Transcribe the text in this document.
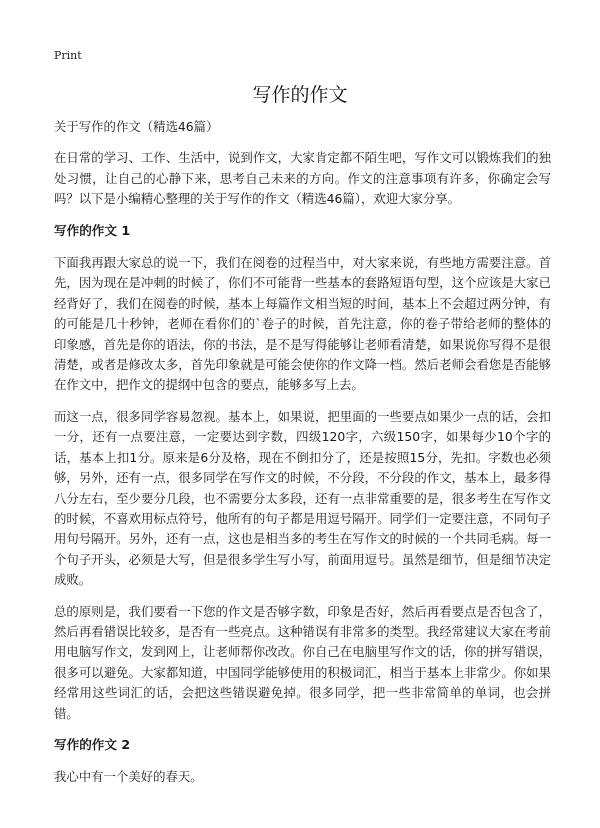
Print
写作的作文

关于写作的作文（精选46篇）

在日常的学习、工作、生活中，说到作文，大家肯定都不陌生吧，写作文可以锻炼我们的独处习惯，让自己的心静下来，思考自己未来的方向。作文的注意事项有许多，你确定会写吗？以下是小编精心整理的关于写作的作文（精选46篇），欢迎大家分享。

写作的作文 1

下面我再跟大家总的说一下，我们在阅卷的过程当中，对大家来说，有些地方需要注意。首先，因为现在是冲刺的时候了，你们不可能背一些基本的套路短语句型，这个应该是大家已经背好了，我们在阅卷的时候，基本上每篇作文相当短的时间，基本上不会超过两分钟，有的可能是几十秒钟，老师在看你们的`卷子的时候，首先注意，你的卷子带给老师的整体的印象感，首先是你的语法，你的书法，是不是写得能够让老师看清楚，如果说你写得不是很清楚，或者是修改太多，首先印象就是可能会使你的作文降一档。然后老师会看您是否能够在作文中，把作文的提纲中包含的要点，能够多写上去。

而这一点，很多同学容易忽视。基本上，如果说，把里面的一些要点如果少一点的话，会扣一分，还有一点要注意，一定要达到字数，四级120字，六级150字，如果每少10个字的话，基本上扣1分。原来是6分及格，现在不倒扣分了，还是按照15分，先扣。字数也必须够，另外，还有一点，很多同学在写作文的时候，不分段，不分段的作文，基本上，最多得八分左右，至少要分几段，也不需要分太多段，还有一点非常重要的是，很多考生在写作文的时候，不喜欢用标点符号，他所有的句子都是用逗号隔开。同学们一定要注意，不同句子用句号隔开。另外，还有一点，这也是相当多的考生在写作文的时候的一个共同毛病。每一个句子开头，必须是大写，但是很多学生写小写，前面用逗号。虽然是细节，但是细节决定成败。

总的原则是，我们要看一下您的作文是否够字数，印象是否好，然后再看要点是否包含了，然后再看错误比较多，是否有一些亮点。这种错误有非常多的类型。我经常建议大家在考前用电脑写作文，发到网上，让老师帮你改改。你自己在电脑里写作文的话，你的拼写错误，很多可以避免。大家都知道，中国同学能够使用的积极词汇，相当于基本上非常少。你如果经常用这些词汇的话，会把这些错误避免掉。很多同学，把一些非常简单的单词，也会拼错。

写作的作文 2

我心中有一个美好的春天。
